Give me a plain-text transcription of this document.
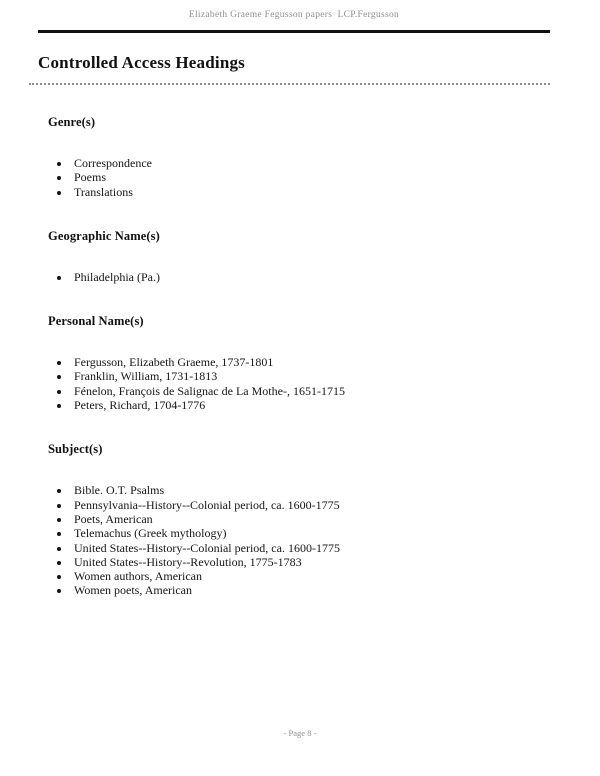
Elizabeth Graeme Fegusson papers  LCP.Fergusson
Controlled Access Headings
Genre(s)
• Correspondence
• Poems
• Translations
Geographic Name(s)
• Philadelphia (Pa.)
Personal Name(s)
• Fergusson, Elizabeth Graeme, 1737-1801
• Franklin, William, 1731-1813
• Fénelon, François de Salignac de La Mothe-, 1651-1715
• Peters, Richard, 1704-1776
Subject(s)
• Bible. O.T. Psalms
• Pennsylvania--History--Colonial period, ca. 1600-1775
• Poets, American
• Telemachus (Greek mythology)
• United States--History--Colonial period, ca. 1600-1775
• United States--History--Revolution, 1775-1783
• Women authors, American
• Women poets, American
- Page 8 -
